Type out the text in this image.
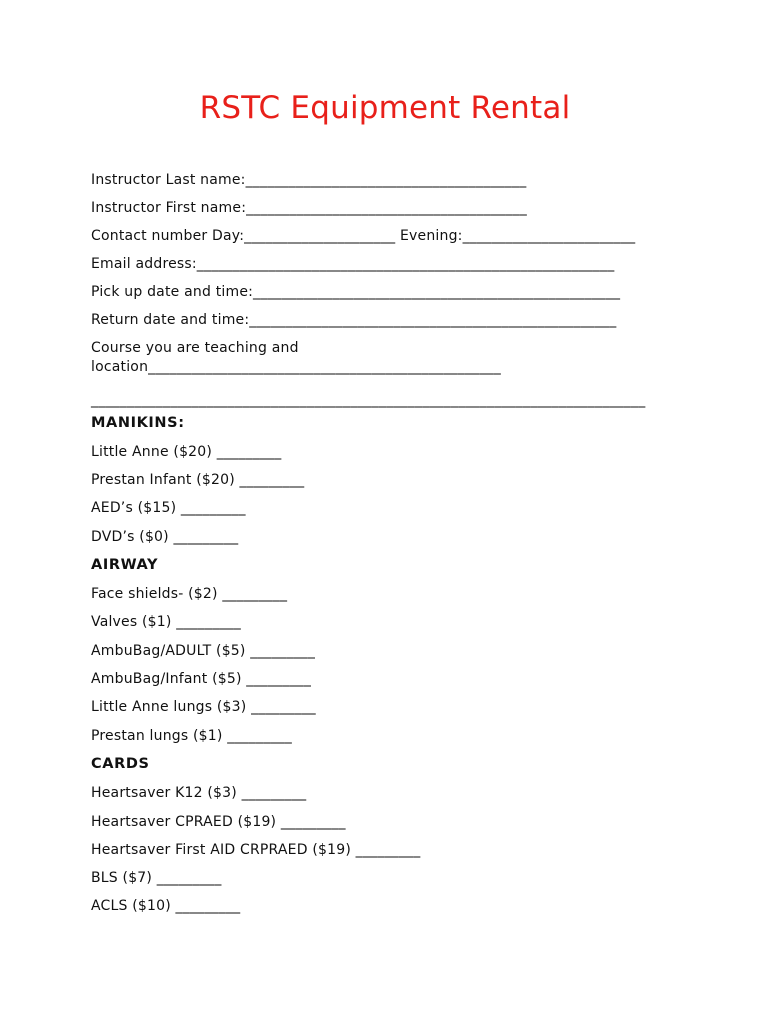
RSTC Equipment Rental
Instructor Last name:_______________________________________
Instructor First name:_______________________________________
Contact number Day:_____________________ Evening:________________________
Email address:__________________________________________________________
Pick up date and time:___________________________________________________
Return date and time:___________________________________________________
Course you are teaching and
location_________________________________________________
_____________________________________________________________________________
MANIKINS:
Little Anne ($20) _________
Prestan Infant ($20) _________
AED’s ($15) _________
DVD’s ($0) _________
AIRWAY
Face shields- ($2) _________
Valves ($1) _________
AmbuBag/ADULT ($5) _________
AmbuBag/Infant ($5) _________
Little Anne lungs ($3) _________
Prestan lungs ($1) _________
CARDS
Heartsaver K12 ($3) _________
Heartsaver CPRAED ($19) _________
Heartsaver First AID CRPRAED ($19) _________
BLS ($7) _________
ACLS ($10) _________
